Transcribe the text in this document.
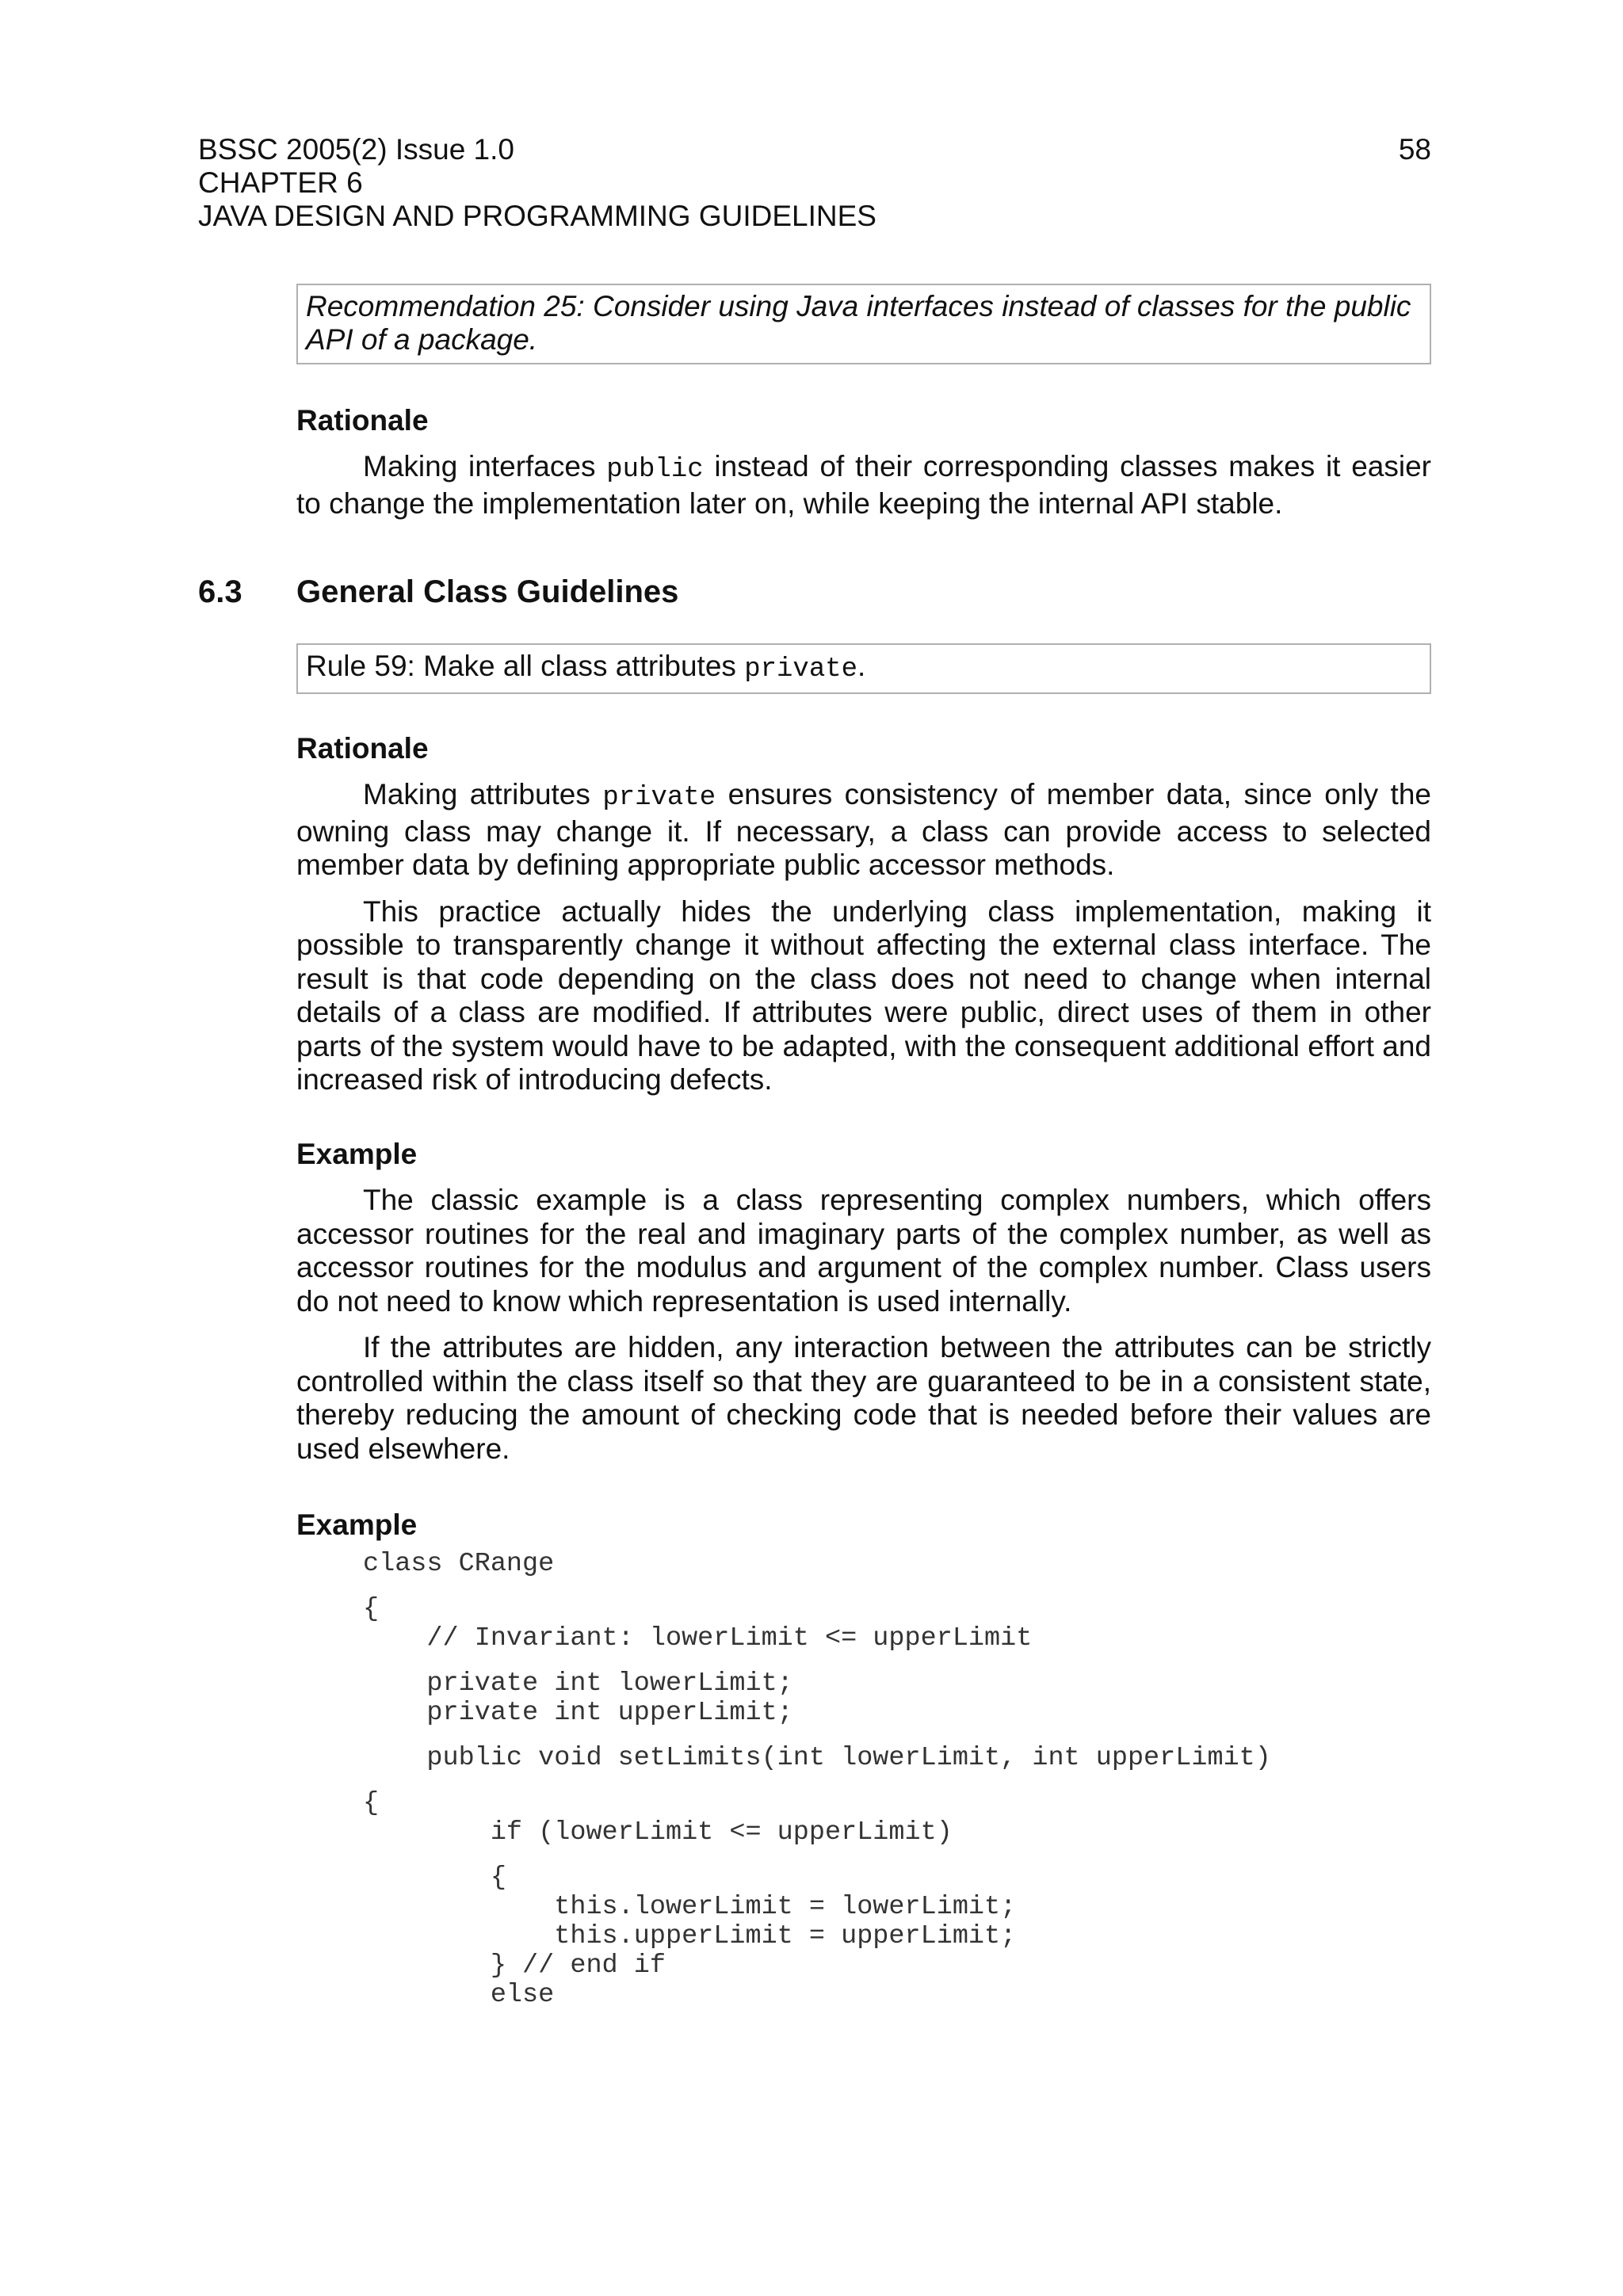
BSSC 2005(2) Issue 1.0
CHAPTER 6
JAVA DESIGN AND PROGRAMMING GUIDELINES
58
Recommendation 25: Consider using Java interfaces instead of classes for the public API of a package.
Rationale

Making interfaces public instead of their corresponding classes makes it easier to change the implementation later on, while keeping the internal API stable.

6.3 General Class Guidelines
Rule 59: Make all class attributes private.
Rationale

Making attributes private ensures consistency of member data, since only the owning class may change it. If necessary, a class can provide access to selected member data by defining appropriate public accessor methods.

This practice actually hides the underlying class implementation, making it possible to transparently change it without affecting the external class interface. The result is that code depending on the class does not need to change when internal details of a class are modified. If attributes were public, direct uses of them in other parts of the system would have to be adapted, with the consequent additional effort and increased risk of introducing defects.

Example

The classic example is a class representing complex numbers, which offers accessor routines for the real and imaginary parts of the complex number, as well as accessor routines for the modulus and argument of the complex number. Class users do not need to know which representation is used internally.

If the attributes are hidden, any interaction between the attributes can be strictly controlled within the class itself so that they are guaranteed to be in a consistent state, thereby reducing the amount of checking code that is needed before their values are used elsewhere.

Example
class CRange
{
// Invariant: lowerLimit <= upperLimit
private int lowerLimit;
private int upperLimit;
public void setLimits(int lowerLimit, int upperLimit)
{
if (lowerLimit <= upperLimit)
{
this.lowerLimit = lowerLimit;
this.upperLimit = upperLimit;
} // end if
else
